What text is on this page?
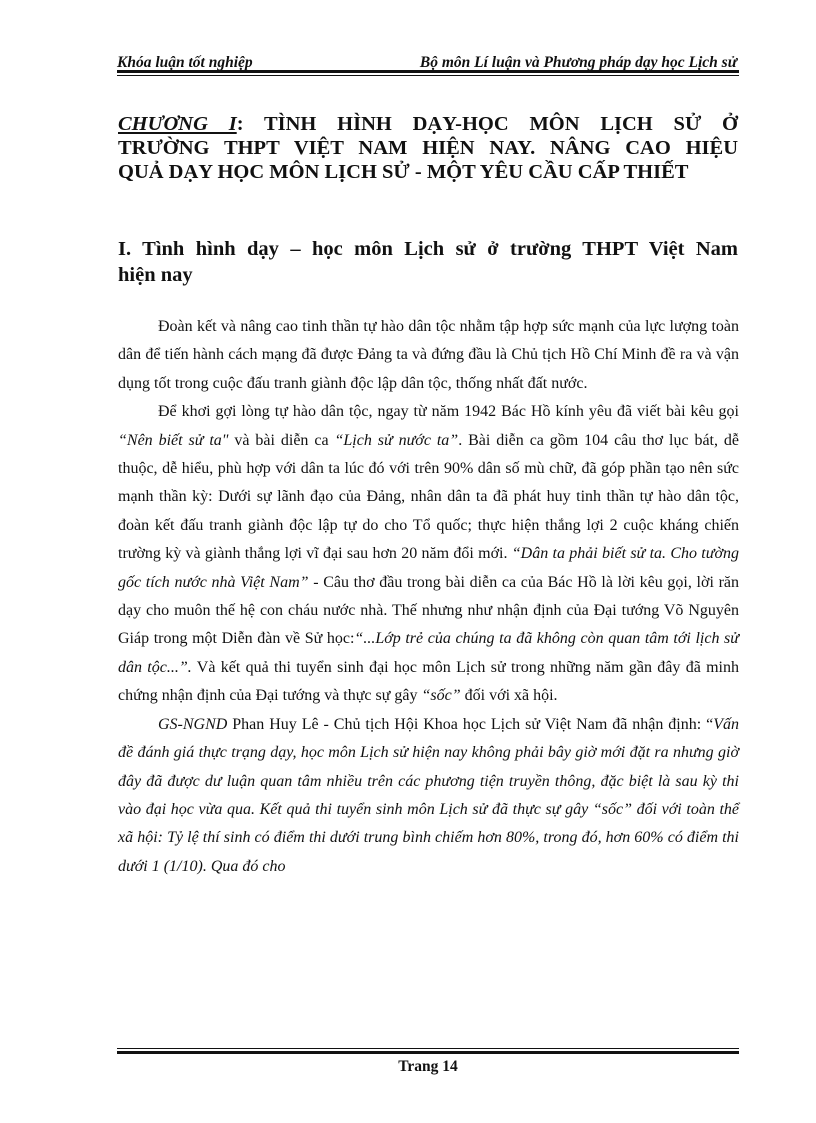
Khóa luận tốt nghiệp	Bộ môn Lí luận và Phương pháp dạy học Lịch sử
CHƯƠNG I: TÌNH HÌNH DẠY-HỌC MÔN LỊCH SỬ Ở
TRƯỜNG THPT VIỆT NAM HIỆN NAY. NÂNG CAO HIỆU
QUẢ DẠY HỌC MÔN LỊCH SỬ - MỘT YÊU CẦU CẤP THIẾT
I. Tình hình dạy – học môn Lịch sử ở trường THPT Việt Nam
hiện nay

Đoàn kết và nâng cao tinh thần tự hào dân tộc nhằm tập hợp sức mạnh của lực lượng toàn dân để tiến hành cách mạng đã được Đảng ta và đứng đầu là Chủ tịch Hồ Chí Minh đề ra và vận dụng tốt trong cuộc đấu tranh giành độc lập dân tộc, thống nhất đất nước.

Để khơi gợi lòng tự hào dân tộc, ngay từ năm 1942 Bác Hồ kính yêu đã viết bài kêu gọi “Nên biết sử ta" và bài diễn ca “Lịch sử nước ta”. Bài diễn ca gồm 104 câu thơ lục bát, dễ thuộc, dễ hiểu, phù hợp với dân ta lúc đó với trên 90% dân số mù chữ, đã góp phần tạo nên sức mạnh thần kỳ: Dưới sự lãnh đạo của Đảng, nhân dân ta đã phát huy tinh thần tự hào dân tộc, đoàn kết đấu tranh giành độc lập tự do cho Tổ quốc; thực hiện thắng lợi 2 cuộc kháng chiến trường kỳ và giành thắng lợi vĩ đại sau hơn 20 năm đổi mới. “Dân ta phải biết sử ta. Cho tường gốc tích nước nhà Việt Nam” - Câu thơ đầu trong bài diễn ca của Bác Hồ là lời kêu gọi, lời răn dạy cho muôn thế hệ con cháu nước nhà. Thế nhưng như nhận định của Đại tướng Võ Nguyên Giáp trong một Diễn đàn về Sử học:“...Lớp trẻ của chúng ta đã không còn quan tâm tới lịch sử dân tộc...”. Và kết quả thi tuyển sinh đại học môn Lịch sử trong những năm gần đây đã minh chứng nhận định của Đại tướng và thực sự gây “sốc” đối với xã hội.

GS-NGND Phan Huy Lê - Chủ tịch Hội Khoa học Lịch sử Việt Nam đã nhận định: “Vấn đề đánh giá thực trạng dạy, học môn Lịch sử hiện nay không phải bây giờ mới đặt ra nhưng giờ đây đã được dư luận quan tâm nhiều trên các phương tiện truyền thông, đặc biệt là sau kỳ thi vào đại học vừa qua. Kết quả thi tuyển sinh môn Lịch sử đã thực sự gây “sốc” đối với toàn thể xã hội: Tỷ lệ thí sinh có điểm thi dưới trung bình chiếm hơn 80%, trong đó, hơn 60% có điểm thi dưới 1 (1/10). Qua đó cho

Trang 14
